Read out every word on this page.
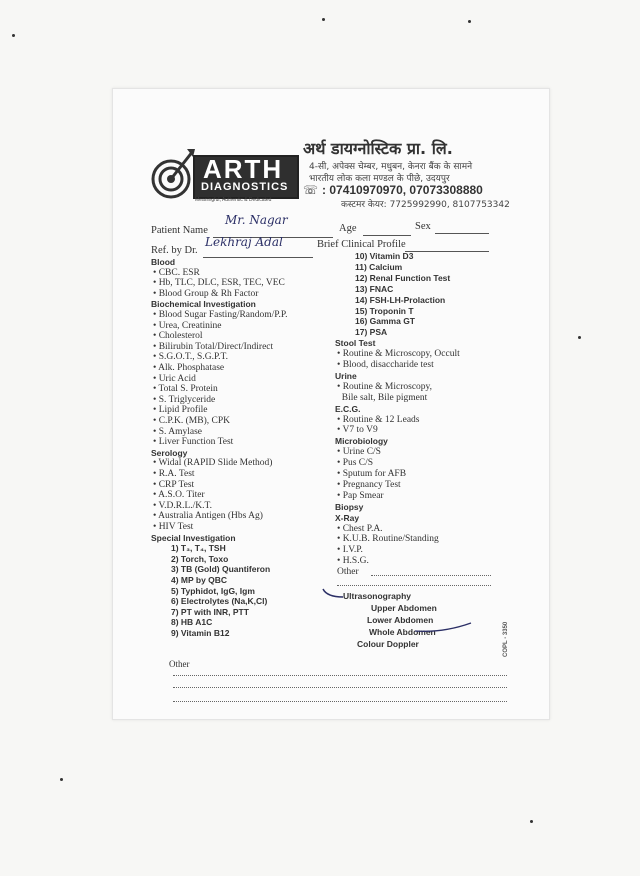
ARTH
DIAGNOSTICS
Meaningful, Authentic & Dedicated
अर्थ डायग्नोस्टिक प्रा. लि.
4-सी, अपेक्स चेम्बर, मधुबन, केनरा बैंक के सामने
भारतीय लोक कला मण्डल के पीछे, उदयपुर
☏ : 07410970970, 07073308880
कस्टमर केयर: 7725992990, 8107753342
Patient Name
Mr. Nagar
Age	Sex
Ref. by Dr.
Lekhraj Adal	Brief Clinical Profile
Blood
• CBC. ESR
• Hb, TLC, DLC, ESR, TEC, VEC
• Blood Group & Rh Factor
Biochemical Investigation
• Blood Sugar Fasting/Random/P.P.
• Urea, Creatinine
• Cholesterol
• Bilirubin Total/Direct/Indirect
• S.G.O.T., S.G.P.T.
• Alk. Phosphatase
• Uric Acid
• Total S. Protein
• S. Triglyceride
• Lipid Profile
• C.P.K. (MB), CPK
• S. Amylase
• Liver Function Test
Serology
• Widal (RAPID Slide Method)
• R.A. Test
• CRP Test
• A.S.O. Titer
• V.D.R.L./K.T.
• Australia Antigen (Hbs Ag)
• HIV Test
Special Investigation
1) T₃, T₄, TSH
2) Torch, Toxo
3) TB (Gold) Quantiferon
4) MP by QBC
5) Typhidot, IgG, Igm
6) Electrolytes (Na,K,Cl)
7) PT with INR, PTT
8) HB A1C
9) Vitamin B12
10) Vitamin D3
11) Calcium
12) Renal Function Test
13) FNAC
14) FSH-LH-Prolaction
15) Troponin T
16) Gamma GT
17) PSA
Stool Test
• Routine & Microscopy, Occult
• Blood, disaccharide test
Urine
• Routine & Microscopy,
Bile salt, Bile pigment
E.C.G.
• Routine & 12 Leads
• V7 to V9
Microbiology
• Urine C/S
• Pus C/S
• Sputum for AFB
• Pregnancy Test
• Pap Smear
Biopsy
X-Ray
• Chest P.A.
• K.U.B. Routine/Standing
• I.V.P.
• H.S.G.
Other
Ultrasonography
Upper Abdomen
Lower Abdomen
Whole Abdomen
Colour Doppler	COPL - 3350
Other
